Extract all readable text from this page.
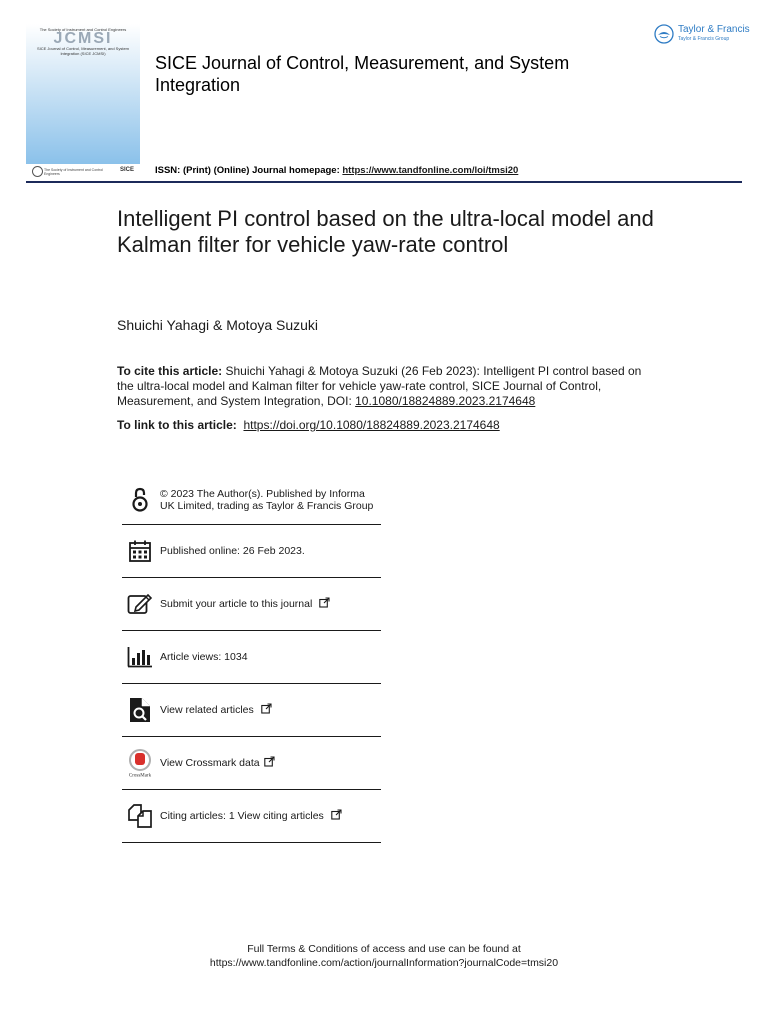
The Society of Instrument and Control Engineers
JCMSI
SICE Journal of Control, Measurement, and System Integration (SICE JCMSI)
The Society of Instrument and Control Engineers
SICE
SICE Journal of Control, Measurement, and System Integration
ISSN: (Print) (Online) Journal homepage: https://www.tandfonline.com/loi/tmsi20
Taylor & Francis
Taylor & Francis Group
Intelligent PI control based on the ultra-local model and Kalman filter for vehicle yaw-rate control
Shuichi Yahagi & Motoya Suzuki
To cite this article: Shuichi Yahagi & Motoya Suzuki (26 Feb 2023): Intelligent PI control based on the ultra-local model and Kalman filter for vehicle yaw-rate control, SICE Journal of Control, Measurement, and System Integration, DOI: 10.1080/18824889.2023.2174648
To link to this article: https://doi.org/10.1080/18824889.2023.2174648
© 2023 The Author(s). Published by Informa UK Limited, trading as Taylor & Francis Group
Published online: 26 Feb 2023.
Submit your article to this journal
Article views: 1034
View related articles
CrossMark
View Crossmark data
Citing articles: 1 View citing articles
Full Terms & Conditions of access and use can be found at
https://www.tandfonline.com/action/journalInformation?journalCode=tmsi20
